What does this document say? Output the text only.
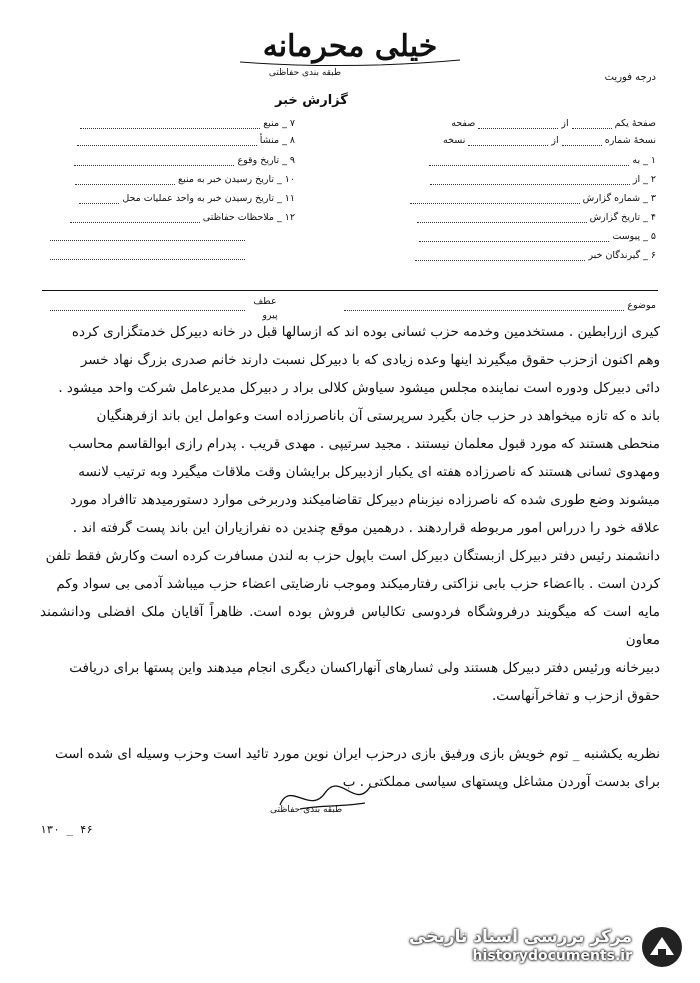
خیلی محرمانه
طبقه بندی حفاظتی	درجه فوریت
گزارش خبر
صفحهٔ یکم  از  صفحه
نسخهٔ شماره  از  نسخه
۱ _ به
۲ _ از
۳ _ شماره گزارش
۴ _ تاریخ گزارش
۵ _ پیوست
۶ _ گیرندگان خبر
۷ _ منبع
۸ _ منشأ
۹ _ تاریخ وقوع
۱۰ _ تاریخ رسیدن خبر به منبع
۱۱ _ تاریخ رسیدن خبر به واحد عملیات محل
۱۲ _ ملاحظات حفاظتی
موضوع
عطف
پیرو

کیری ازرابطین . مستخدمین وخدمه حزب ثسانی بوده اند که ازسالها قبل در خانه دبیرکل خدمتگزاری کرده

وهم اکنون ازحزب حقوق میگیرند اینها وعده زیادی که با دبیرکل نسبت دارند خانم صدری بزرگ نهاد خسر

دائی دبیرکل ودوره است نماینده مجلس میشود سیاوش کلالی براد ر دبیرکل مدیرعامل شرکت واحد میشود .

باند ه که تازه میخواهد در حزب جان بگیرد سرپرستی آن باناصرزاده است وعوامل این باند ازفرهنگیان

منحطی هستند که مورد قبول معلمان نیستند . مجید سرتیپی . مهدی قریب . پدرام رازی ابوالقاسم محاسب

ومهدوی ثسانی هستند که ناصرزاده هفته ای یکبار ازدبیرکل برایشان وقت ملاقات میگیرد وبه ترتیب لانسه

میشوند وضع طوری شده که ناصرزاده نیزبنام دبیرکل تقاضامیکند ودربرخی موارد دستورمیدهد تاافراد مورد

علاقه خود را درراس امور مربوطه قراردهند . درهمین موقع چندین ده نفرازیاران این باند پست گرفته اند .

دانشمند رئیس دفتر دبیرکل ازبستگان دبیرکل است باپول حزب به لندن مسافرت کرده است وکارش فقط تلفن

کردن است . بااعضاء حزب بابی نزاکتی رفتارمیکند وموجب نارضایتی اعضاء حزب میباشد آدمی بی سواد وکم

مایه است که میگویند درفروشگاه فردوسی تکالباس فروش بوده است. ظاهراً آقایان ملک افضلی ودانشمند معاون

دبیرخانه ورئیس دفتر دبیرکل هستند ولی ثسارهای آنهاراکسان دیگری انجام میدهند واین پستها برای دریافت

حقوق ازحزب و تفاخرآنهاست.

نظریه یکشنبه _ توم خویش بازی ورفیق بازی درحزب ایران نوین مورد تائید است وحزب وسیله ای شده است

برای بدست آوردن مشاغل وپستهای سیاسی مملکتی . ب

طبقه بندی حفاظتی
۱۳۰ _ ۴۶
مرکز بررسی اسناد تاریخی
historydocuments.ir
